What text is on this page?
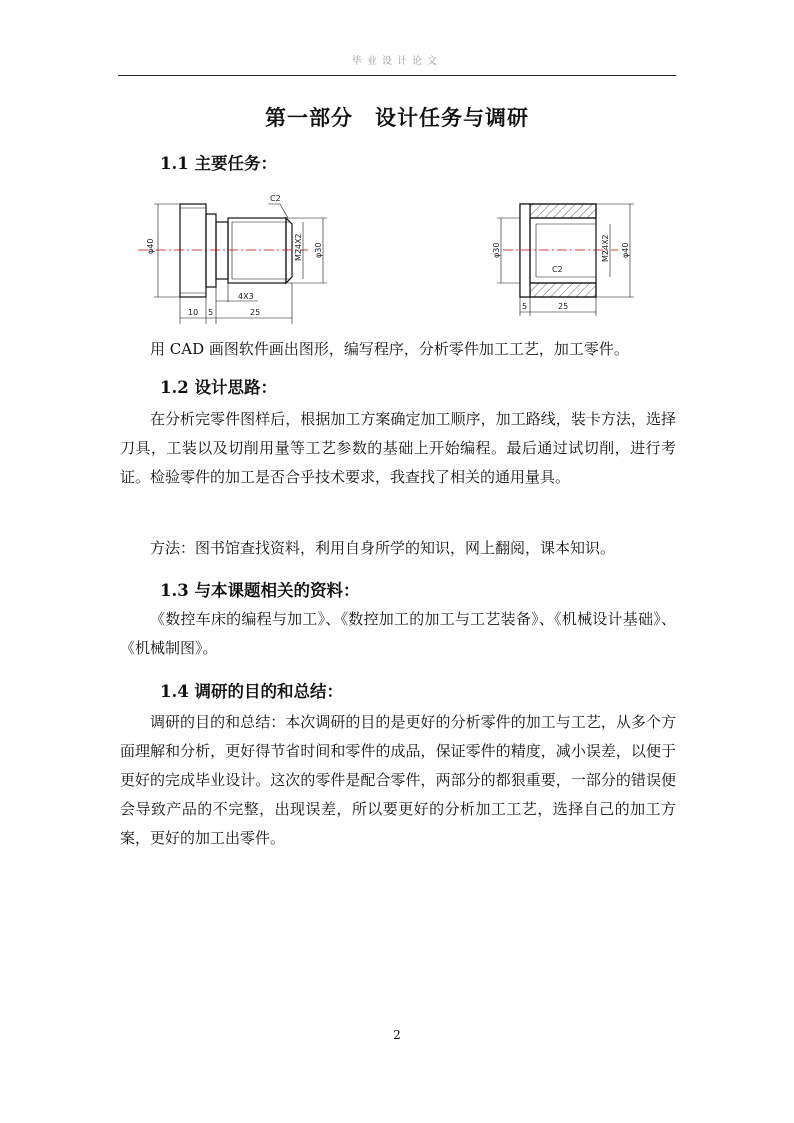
毕业设计论文
第一部分　设计任务与调研
1.1 主要任务：
C2
φ40	M24X2 φ30
4X3
10 5	25
φ30	M24X2 φ40
C2
5	25
用 CAD 画图软件画出图形，编写程序，分析零件加工工艺，加工零件。
1.2 设计思路：

在分析完零件图样后，根据加工方案确定加工顺序，加工路线，装卡方法，选择刀具，工装以及切削用量等工艺参数的基础上开始编程。最后通过试切削，进行考证。检验零件的加工是否合乎技术要求，我查找了相关的通用量具。

方法：图书馆查找资料，利用自身所学的知识，网上翻阅，课本知识。

1.3 与本课题相关的资料：

《数控车床的编程与加工》、《数控加工的加工与工艺装备》、《机械设计基础》、《机械制图》。

1.4 调研的目的和总结：

调研的目的和总结：本次调研的目的是更好的分析零件的加工与工艺，从多个方面理解和分析，更好得节省时间和零件的成品，保证零件的精度，减小误差，以便于更好的完成毕业设计。这次的零件是配合零件，两部分的都狠重要，一部分的错误便会导致产品的不完整，出现误差，所以要更好的分析加工工艺，选择自己的加工方案，更好的加工出零件。

2
